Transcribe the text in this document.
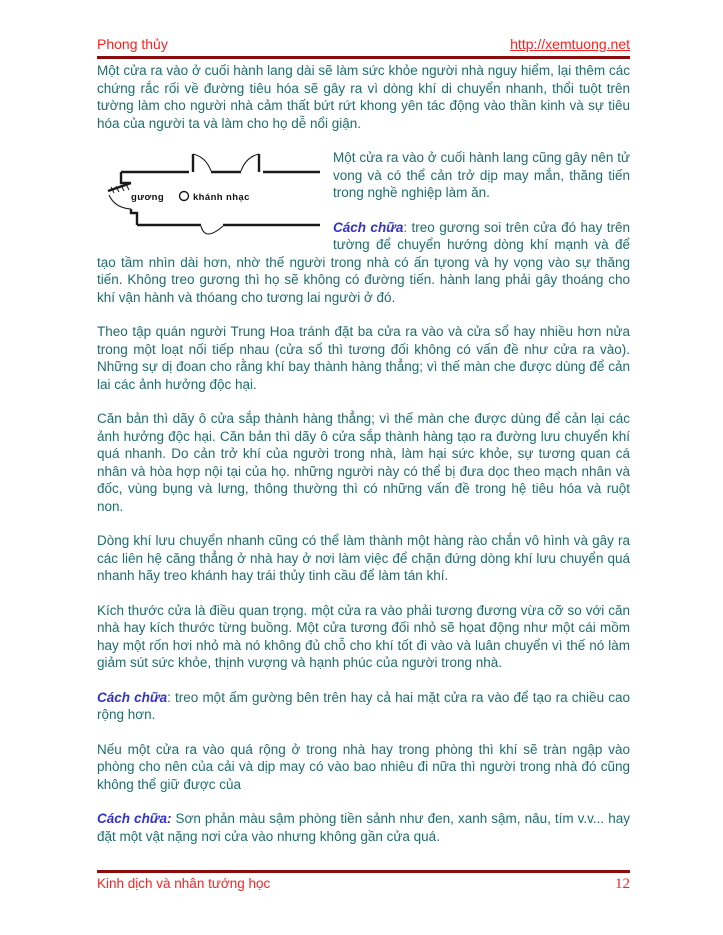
Phong thủy	http://xemtuong.net

Một cửa ra vào ở cuối hành lang dài sẽ làm sức khỏe người nhà nguy hiểm, lại thêm các chứng rắc rối về đường tiêu hóa sẽ gây ra vì dòng khí di chuyển nhanh, thổi tuột trên tường làm cho người nhà cảm thất bứt rứt khong yên tác động vào thần kinh và sự tiêu hóa của người ta và làm cho họ dễ nổi giận.

gương	khánh nhạc

Một cửa ra vào ở cuối hành lang cũng gây nên tử vong và có thể cản trở dịp may mắn, thăng tiến trong nghề nghiệp làm ăn.

Cách chữa: treo gương soi trên cửa đó hay trên tường để chuyển hướng dòng khí mạnh và để tạo tầm nhìn dài hơn, nhờ thế người trong nhà có ấn tựong và hy vọng vào sự thăng tiến. Không treo gương thì họ sẽ không có đường tiến. hành lang phải gây thoáng cho khí vận hành và thóang cho tương lai người ở đó.

Theo tập quán người Trung Hoa tránh đặt ba cửa ra vào và cửa sổ hay nhiều hơn nửa trong một loạt nối tiếp nhau (cửa sổ thì tương đối không có vấn đề như cửa ra vào). Những sự dị đoan cho rằng khí bay thành hàng thẳng; vì thế màn che được dùng để cản lai các ảnh hưởng độc hại.

Căn bản thì dãy ô cửa sắp thành hàng thẳng; vì thế màn che được dùng để cản lại các ảnh hưởng độc hại. Căn bản thì dãy ô cửa sắp thành hàng tạo ra đường lưu chuyển khí quá nhanh. Do cản trở khí của người trong nhà, làm hại sức khỏe, sự tương quan cá nhân và hòa hợp nội tại của họ. những người này có thể bị đưa dọc theo mạch nhân và đốc, vùng bụng và lưng, thông thường thì có những vấn đề trong hệ tiêu hóa và ruột non.

Dòng khí lưu chuyển nhanh cũng có thể làm thành một hàng rào chắn vô hình và gây ra các liên hệ căng thẳng ở nhà hay ở nơi làm việc để chặn đứng dòng khí lưu chuyển quá nhanh hãy treo khánh hay trái thủy tinh cầu để làm tán khí.

Kích thước cửa là điều quan trọng. một cửa ra vào phải tương đương vừa cỡ so với căn nhà hay kích thước từng buồng. Một cửa tương đối nhỏ sẽ họat động như một cái mồm hay một rốn hơi nhỏ mà nó không đủ chỗ cho khí tốt đi vào và luân chuyển vì thế nó làm giảm sút sức khỏe, thịnh vượng và hạnh phúc của người trong nhà.

Cách chữa: treo một ấm gường bên trên hay cả hai mặt cửa ra vào để tạo ra chiều cao rộng hơn.

Nếu một cửa ra vào quá rộng ở trong nhà hay trong phòng thì khí sẽ tràn ngập vào phòng cho nên của cải và dịp may có vào bao nhiêu đi nữa thì người trong nhà đó cũng không thể giữ được của

Cách chữa: Sơn phản màu sậm phòng tiền sảnh như đen, xanh sậm, nâu, tím v.v... hay đặt một vật nặng nơi cửa vào nhưng không gần cửa quá.

Kinh dịch và nhân tướng học	12
